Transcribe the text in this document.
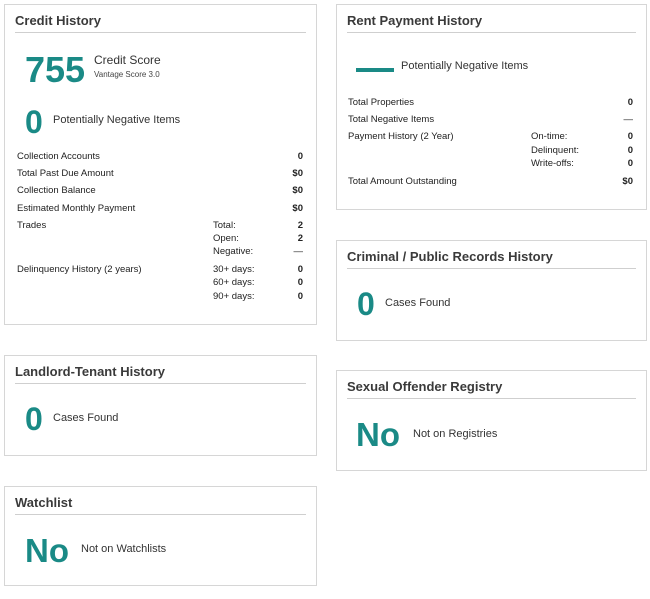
Credit History
755 Credit Score
Vantage Score 3.0
0 Potentially Negative Items
Collection Accounts	0
Total Past Due Amount	$0
Collection Balance	$0
Estimated Monthly Payment	$0
Trades	Total:	2
Open:	2
Negative:	—
Delinquency History (2 years)	30+ days:	0
60+ days:	0
90+ days:	0
Rent Payment History
Potentially Negative Items
Total Properties	0
Total Negative Items	—
Payment History (2 Year)	On-time:	0
Delinquent:	0
Write-offs:	0
Total Amount Outstanding	$0
Criminal / Public Records History
0 Cases Found
Landlord-Tenant History
0 Cases Found
Sexual Offender Registry
No Not on Registries
Watchlist
No Not on Watchlists
